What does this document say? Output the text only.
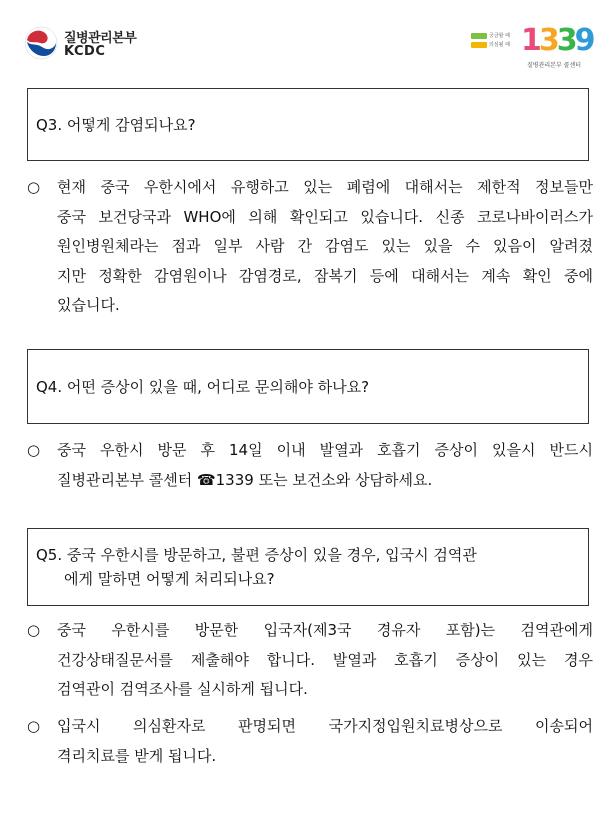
질병관리본부
KCDC
궁금할 때
의심될 때 1339
질병관리본부 콜센터
Q3. 어떻게 감염되나요?
○ 현재 중국 우한시에서 유행하고 있는 폐렴에 대해서는 제한적 정보들만
중국 보건당국과 WHO에 의해 확인되고 있습니다. 신종 코로나바이러스가
원인병원체라는 점과 일부 사람 간 감염도 있는 있을 수 있음이 알려졌
지만 정확한 감염원이나 감염경로, 잠복기 등에 대해서는 계속 확인 중에
있습니다.
Q4. 어떤 증상이 있을 때, 어디로 문의해야 하나요?
○ 중국 우한시 방문 후 14일 이내 발열과 호흡기 증상이 있을시 반드시
질병관리본부 콜센터 ☎1339 또는 보건소와 상담하세요.
Q5. 중국 우한시를 방문하고, 불편 증상이 있을 경우, 입국시 검역관
에게 말하면 어떻게 처리되나요?
○ 중국 우한시를 방문한 입국자(제3국 경유자 포함)는 검역관에게
건강상태질문서를 제출해야 합니다. 발열과 호흡기 증상이 있는 경우
검역관이 검역조사를 실시하게 됩니다.
○ 입국시 의심환자로 판명되면 국가지정입원치료병상으로 이송되어
격리치료를 받게 됩니다.
